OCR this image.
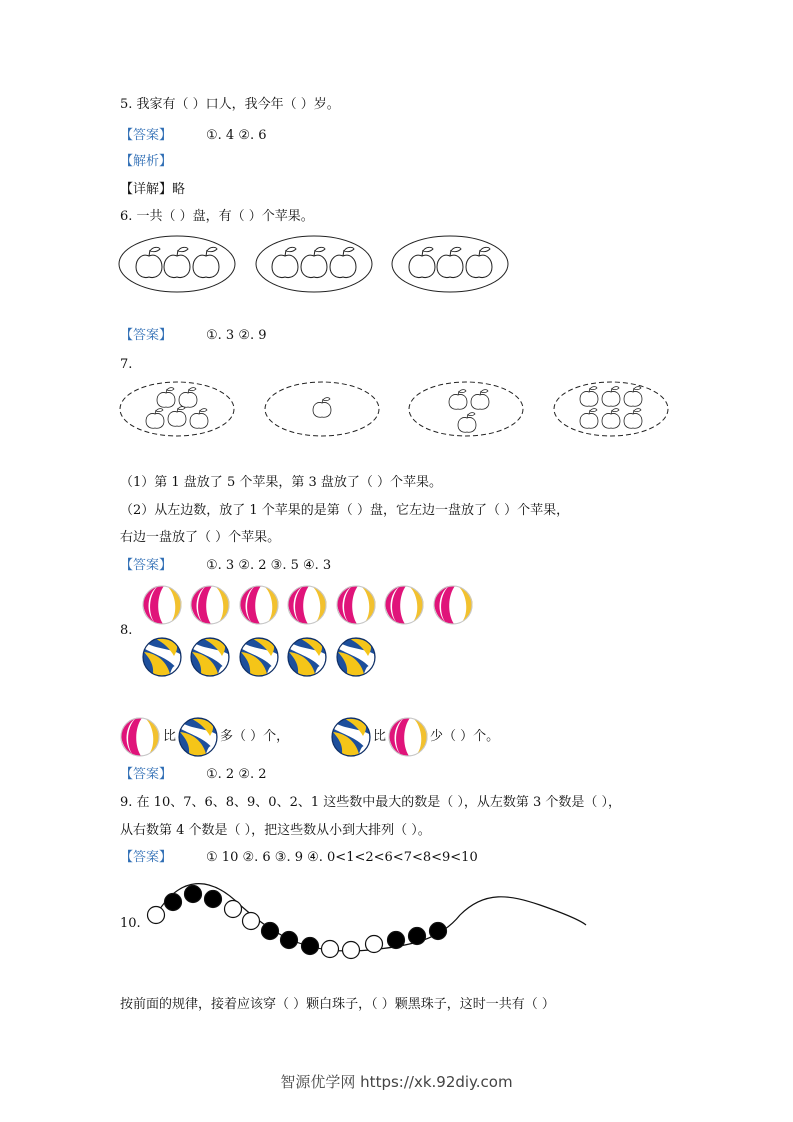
5. 我家有（ ）口人，我今年（ ）岁。
【答案】	①. 4 ②. 6
【解析】
【详解】略
6. 一共（ ）盘，有（ ）个苹果。
【答案】	①. 3 ②. 9
7.
（1）第 1 盘放了 5 个苹果，第 3 盘放了（ ）个苹果。
（2）从左边数，放了 1 个苹果的是第（ ）盘，它左边一盘放了（ ）个苹果，
右边一盘放了（ ）个苹果。
【答案】	①. 3 ②. 2 ③. 5 ④. 3
8.
比	多（ ）个，	比	少（ ）个。
【答案】	①. 2 ②. 2
9. 在 10、7、6、8、9、0、2、1 这些数中最大的数是（ ），从左数第 3 个数是（ ），
【答案】	① 10 ②. 6 ③. 9 ④. 0<1<2<6<7<8<9<10
10.
按前面的规律，接着应该穿（ ）颗白珠子，（ ）颗黑珠子，这时一共有（ ）
智源优学网 https://xk.92diy.com
从右数第 4 个数是（ ），把这些数从小到大排列（ ）。
